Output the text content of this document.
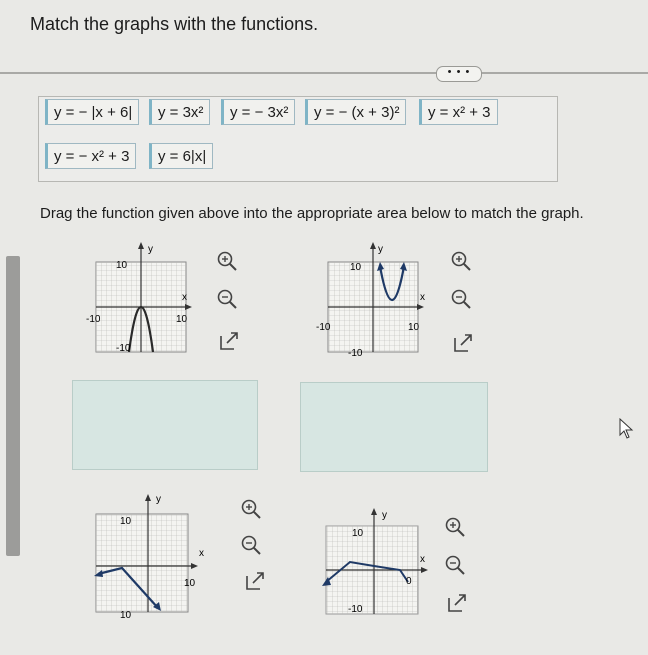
Match the graphs with the functions.
• • •
y = − |x + 6|	y = 3x²	y = − 3x²	y = − (x + 3)²	y = x² + 3
y = − x² + 3	y = 6|x|
Drag the function given above into the appropriate area below to match the graph.
y
x
10
-10
-10	10
y
x
10
-10
-10	10
y
x
10
10
10
y
x
10
-10
0
